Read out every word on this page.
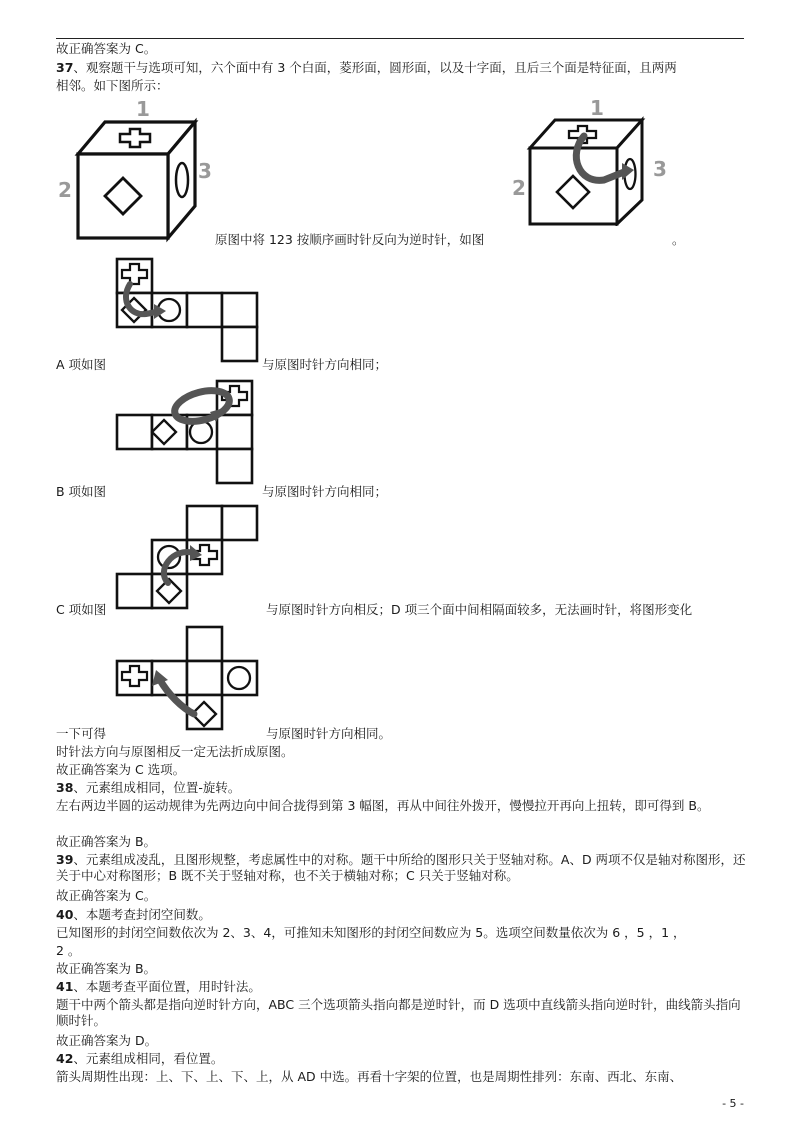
故正确答案为 C。
37、观察题干与选项可知，六个面中有 3 个白面，菱形面，圆形面，以及十字面，且后三个面是特征面，且两两
相邻。如下图所示：
1
2
3
原图中将 123 按顺序画时针反向为逆时针，如图
1
2
3
。
A 项如图	与原图时针方向相同；
B 项如图	与原图时针方向相同；
C 项如图	与原图时针方向相反；D 项三个面中间相隔面较多，无法画时针，将图形变化
一下可得	与原图时针方向相同。
时针法方向与原图相反一定无法折成原图。
故正确答案为 C 选项。
38、元素组成相同，位置-旋转。
左右两边半圆的运动规律为先两边向中间合拢得到第 3 幅图，再从中间往外拨开，慢慢拉开再向上扭转，即可得到 B。
故正确答案为 B。
39、元素组成凌乱，且图形规整，考虑属性中的对称。题干中所给的图形只关于竖轴对称。A、D 两项不仅是轴对称图形，还关于中心对称图形；B 既不关于竖轴对称，也不关于横轴对称；C 只关于竖轴对称。
故正确答案为 C。
40、本题考查封闭空间数。
已知图形的封闭空间数依次为 2、3、4，可推知未知图形的封闭空间数应为 5。选项空间数量依次为 6 ，5 ，1 ，
2 。
故正确答案为 B。
41、本题考查平面位置，用时针法。
题干中两个箭头都是指向逆时针方向，ABC 三个选项箭头指向都是逆时针，而 D 选项中直线箭头指向逆时针，曲线箭头指向顺时针。
故正确答案为 D。
42、元素组成相同，看位置。
箭头周期性出现：上、下、上、下、上，从 AD 中选。再看十字架的位置，也是周期性排列：东南、西北、东南、
- 5 -
